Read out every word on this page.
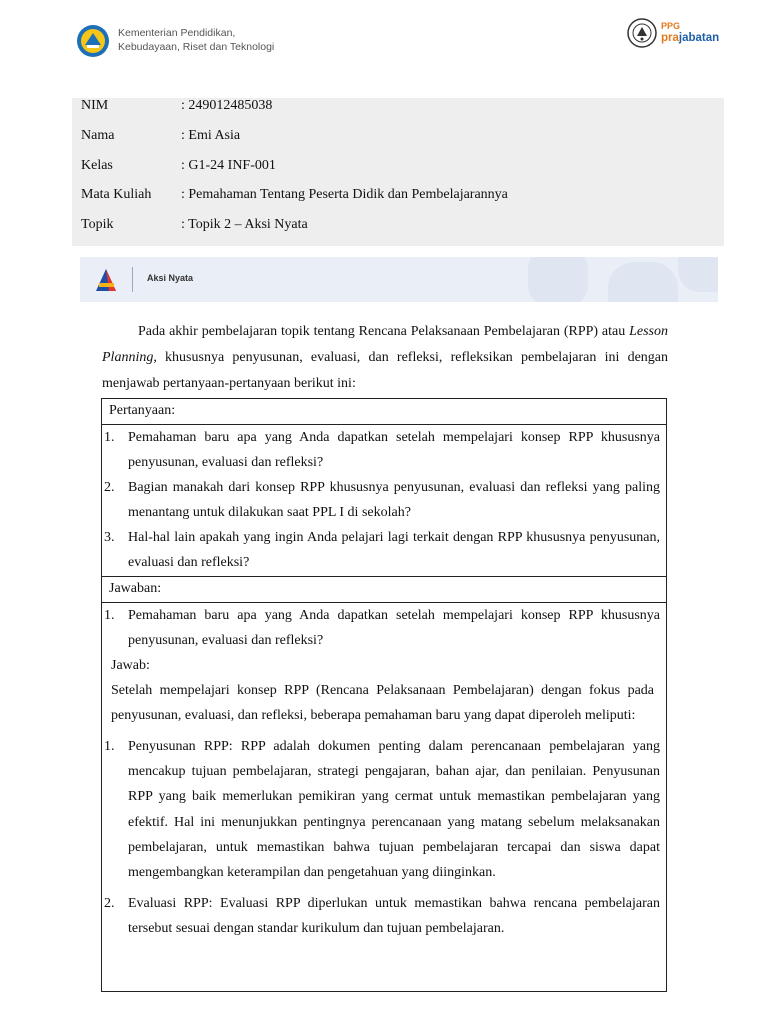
Kementerian Pendidikan,
Kebudayaan, Riset dan Teknologi
PPG
prajabatan
NIM	: 249012485038
Nama	: Emi Asia
Kelas	: G1-24 INF-001
Mata Kuliah : Pemahaman Tentang Peserta Didik dan Pembelajarannya
Topik	: Topik 2 – Aksi Nyata
Aksi Nyata

Pada akhir pembelajaran topik tentang Rencana Pelaksanaan Pembelajaran (RPP) atau Lesson Planning, khususnya penyusunan, evaluasi, dan refleksi, refleksikan pembelajaran ini dengan menjawab pertanyaan-pertanyaan berikut ini:

Pertanyaan:
1. Pemahaman baru apa yang Anda dapatkan setelah mempelajari konsep RPP khususnya penyusunan, evaluasi dan refleksi?
2. Bagian manakah dari konsep RPP khususnya penyusunan, evaluasi dan refleksi yang paling menantang untuk dilakukan saat PPL I di sekolah?
3. Hal-hal lain apakah yang ingin Anda pelajari lagi terkait dengan RPP khususnya penyusunan, evaluasi dan refleksi?
Jawaban:
1. Pemahaman baru apa yang Anda dapatkan setelah mempelajari konsep RPP khususnya penyusunan, evaluasi dan refleksi?
Jawab:
Setelah mempelajari konsep RPP (Rencana Pelaksanaan Pembelajaran) dengan fokus pada penyusunan, evaluasi, dan refleksi, beberapa pemahaman baru yang dapat diperoleh meliputi:
1. Penyusunan RPP: RPP adalah dokumen penting dalam perencanaan pembelajaran yang mencakup tujuan pembelajaran, strategi pengajaran, bahan ajar, dan penilaian. Penyusunan RPP yang baik memerlukan pemikiran yang cermat untuk memastikan pembelajaran yang efektif. Hal ini menunjukkan pentingnya perencanaan yang matang sebelum melaksanakan pembelajaran, untuk memastikan bahwa tujuan pembelajaran tercapai dan siswa dapat mengembangkan keterampilan dan pengetahuan yang diinginkan.
2. Evaluasi RPP: Evaluasi RPP diperlukan untuk memastikan bahwa rencana pembelajaran tersebut sesuai dengan standar kurikulum dan tujuan pembelajaran.
